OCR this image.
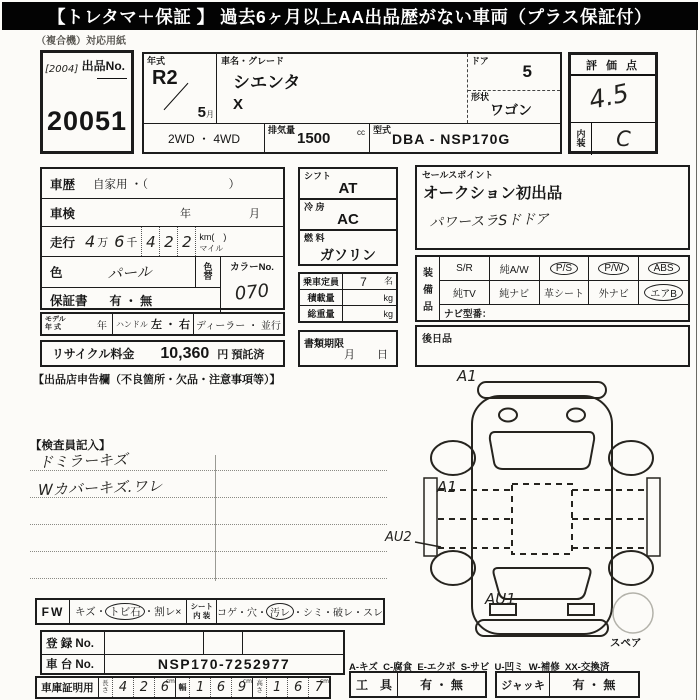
【トレタマ＋保証 】 過去6ヶ月以上AA出品歴がない車両（プラス保証付）
（複合機）対応用紙
[2004] 出品No.
20051
年式
R2
5 月
車名・グレード
シエンタ
X
ドア
5
形状
ワゴン
2WD ・ 4WD
排気量 1500	cc 型式
DBA - NSP170G
評 価 点
4.5
内
装	C
車歴 自家用 ・（　　　　　　　）
車検	年	月
走行 4 万 6 千 4 2 2 km(　)
マイル
色	パール	色
替
保証書 有 ・ 無
カラーNo.
070
モデル
年 式	年 ハンドル 左 ・ 右 ディーラー ・ 並行
リサイクル料金 10,360 円 預託済
【出品店申告欄（不良箇所・欠品・注意事項等）】
シフト
AT
冷 房
AC
燃 料
ガソリン
乗車定員	7	名
積載量	kg
総重量	kg
書類期限
月 日
セールスポイント
オークション初出品
パワースラSドドア
装
備
品
S/R	純A/W	P/S	P/W	ABS
純TV 純ナビ 革シート 外ナビ	エアB
ナビ型番：
後日品
【検査員記入】
ドミラーキズ
Wカバーキズ.ワレ
A1
A1
AU2
AU1
スペア
FW	キズ・ トビ石 ・割レ× シート
内 装 コゲ・穴・ 汚レ ・シミ・破レ・スレ
登 録 No.
車 台 No.	NSP170-7252977
車庫証明用	長
さ 4 2 6
cm
幅 1 6 9
cm 高
さ 1 6 7
cm
A-キズ  C-腐食  E-エクボ  S-サビ  U-凹ミ  W-補修  XX-交換済
工　具	有 ・ 無	ジャッキ	有 ・ 無
